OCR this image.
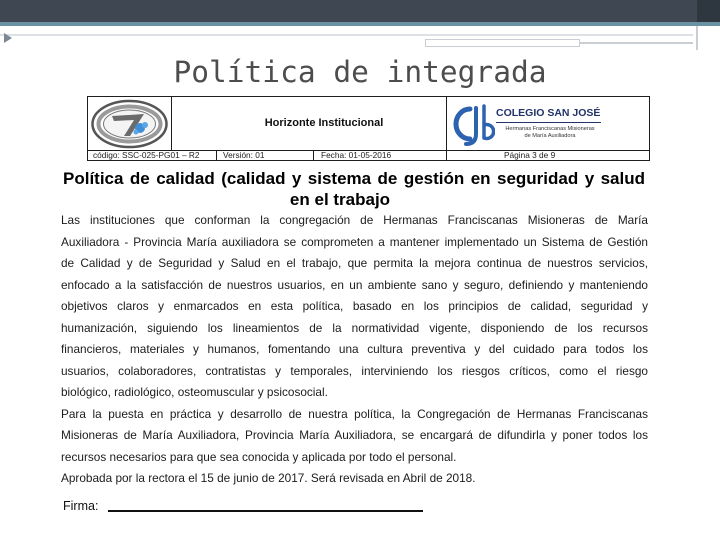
Política de integrada
Horizonte Institucional
COLEGIO SAN JOSÉ
Hermanas Franciscanas Misioneras
de María Auxiliadora
código: SSC-025-PG01 – R2	Versión: 01	Fecha: 01-05-2016	Página 3 de 9
Política de calidad (calidad y sistema de gestión en seguridad y salud
en el trabajo
Las instituciones que conforman la congregación de Hermanas Franciscanas Misioneras de María
Auxiliadora - Provincia María auxiliadora se comprometen a mantener implementado un Sistema de Gestión
de Calidad y de Seguridad y Salud en el trabajo, que permita la mejora continua de nuestros servicios,
enfocado a la satisfacción de nuestros usuarios, en un ambiente sano y seguro, definiendo y manteniendo
objetivos claros y enmarcados en esta política, basado en los principios de calidad, seguridad y
humanización, siguiendo los lineamientos de la normatividad vigente, disponiendo de los recursos
financieros, materiales y humanos, fomentando una cultura preventiva y del cuidado para todos los
usuarios, colaboradores, contratistas y temporales, interviniendo los riesgos críticos, como el riesgo
biológico, radiológico, osteomuscular y psicosocial.
Para la puesta en práctica y desarrollo de nuestra política, la Congregación de Hermanas Franciscanas
Misioneras de María Auxiliadora, Provincia María Auxiliadora, se encargará de difundirla y poner todos los
recursos necesarios para que sea conocida y aplicada por todo el personal.
Aprobada por la rectora el 15 de junio de 2017. Será revisada en Abril de 2018.
Firma:
